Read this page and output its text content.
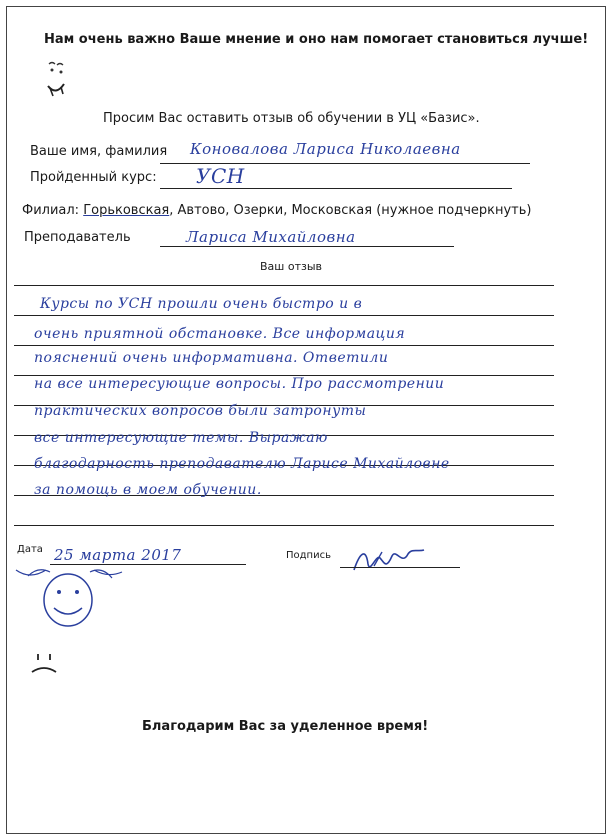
Нам очень важно Ваше мнение и оно нам помогает становиться лучше!
Просим Вас оставить отзыв об обучении в УЦ «Базис».
Ваше имя, фамилия Коновалова Лариса Николаевна
Пройденный курс: УСН
Филиал: Горьковская, Автово, Озерки, Московская (нужное подчеркнуть)
Преподаватель	Лариса Михайловна
Ваш отзыв
Курсы по УСН прошли очень быстро и в
очень приятной обстановке. Все информация
пояснений очень информативна. Ответили
на все интересующие вопросы. Про рассмотрении
практических вопросов были затронуты
все интересующие темы. Выражаю
благодарность преподавателю Ларисе Михайловне
за помощь в моем обучении.
Дата 25 марта 2017	Подпись
Благодарим Вас за уделенное время!
